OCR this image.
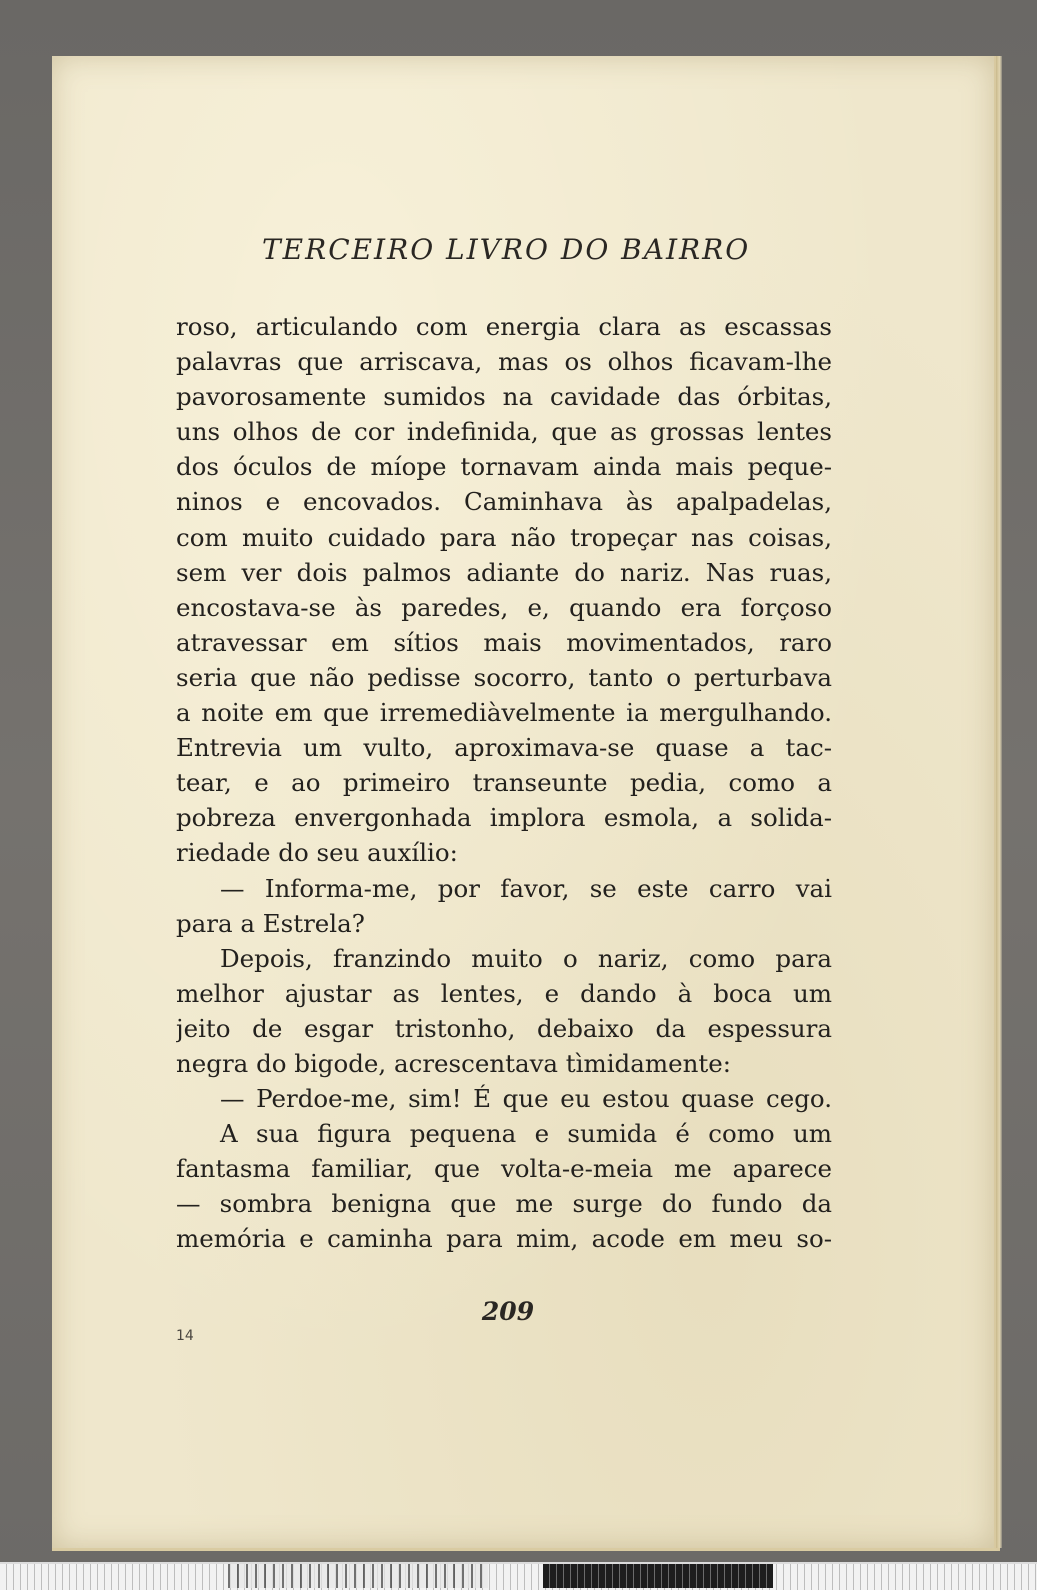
TERCEIRO LIVRO DO BAIRRO
roso, articulando com energia clara as escassas
palavras que arriscava, mas os olhos ficavam-lhe
pavorosamente sumidos na cavidade das órbitas,
uns olhos de cor indefinida, que as grossas lentes
dos óculos de míope tornavam ainda mais peque-
ninos e encovados. Caminhava às apalpadelas,
com muito cuidado para não tropeçar nas coisas,
sem ver dois palmos adiante do nariz. Nas ruas,
encostava-se às paredes, e, quando era forçoso
atravessar em sítios mais movimentados, raro
seria que não pedisse socorro, tanto o perturbava
a noite em que irremediàvelmente ia mergulhando.
Entrevia um vulto, aproximava-se quase a tac-
tear, e ao primeiro transeunte pedia, como a
pobreza envergonhada implora esmola, a solida-
riedade do seu auxílio:
— Informa-me, por favor, se este carro vai
para a Estrela?
Depois, franzindo muito o nariz, como para
melhor ajustar as lentes, e dando à boca um
jeito de esgar tristonho, debaixo da espessura
negra do bigode, acrescentava tìmidamente:
— Perdoe-me, sim! É que eu estou quase cego.
A sua figura pequena e sumida é como um
fantasma familiar, que volta-e-meia me aparece
— sombra benigna que me surge do fundo da
memória e caminha para mim, acode em meu so-
209
14
